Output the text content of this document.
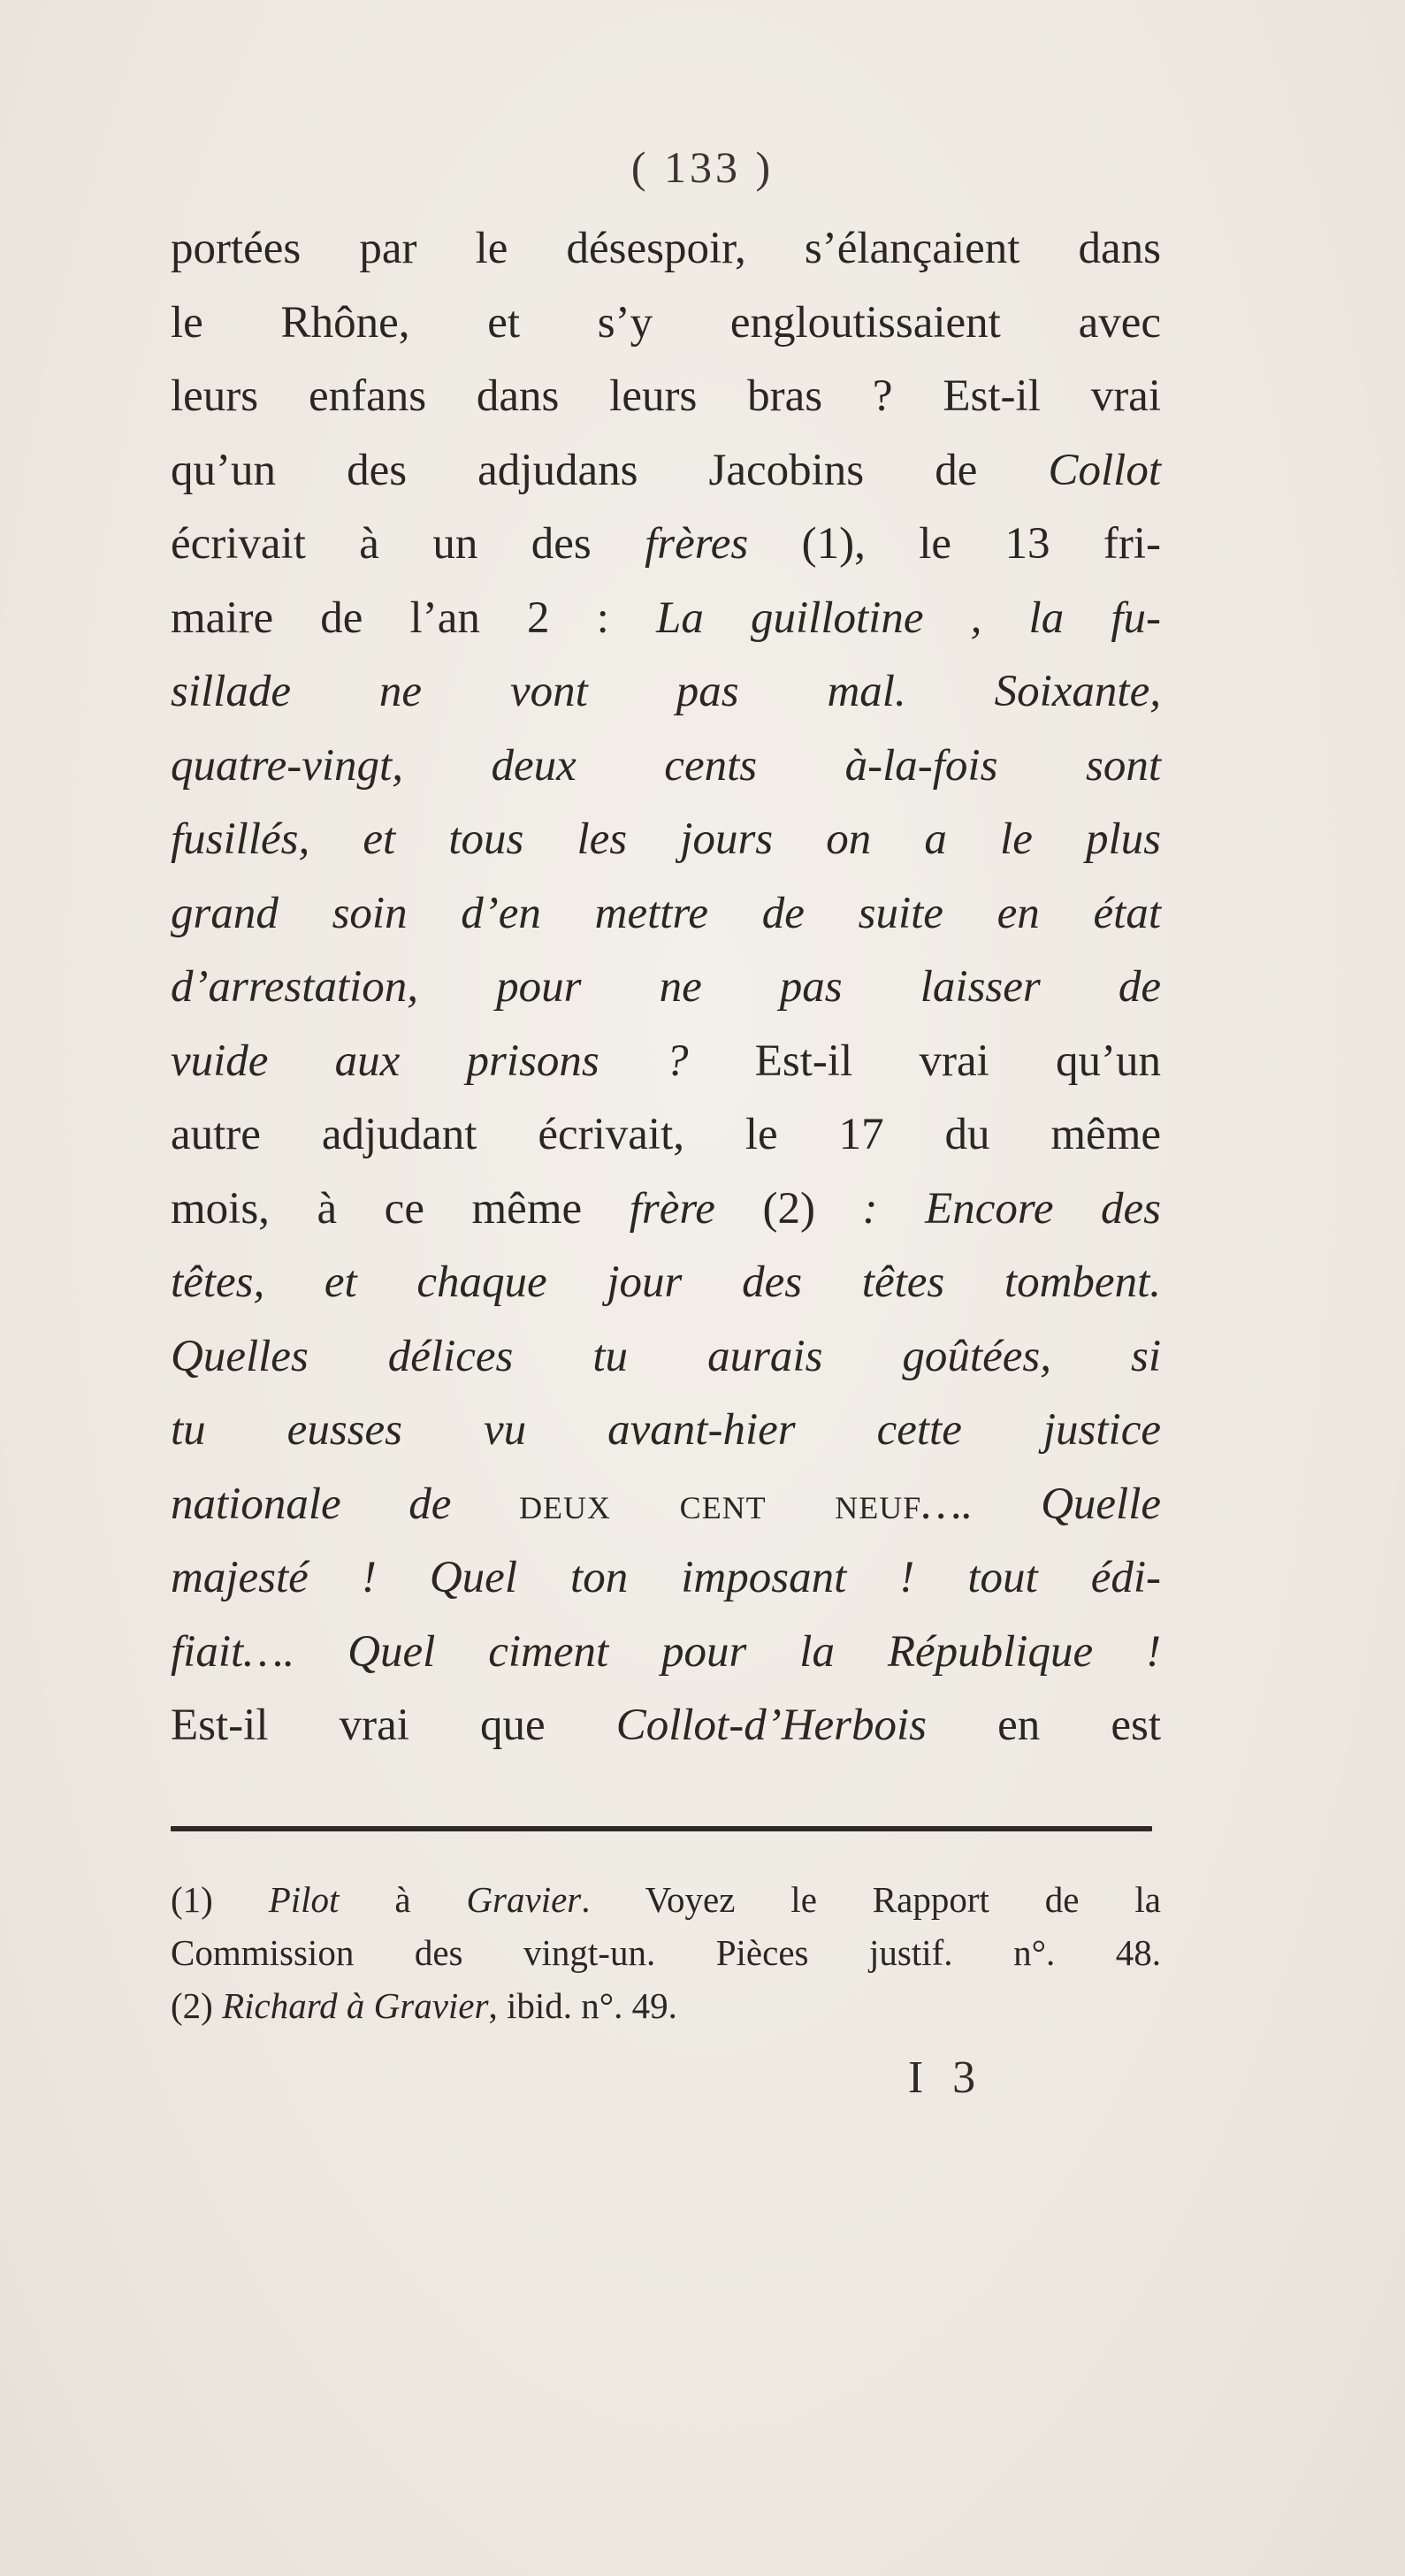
( 133 )
portées par le désespoir, s’élançaient dans
le Rhône, et s’y engloutissaient avec
leurs enfans dans leurs bras ? Est-il vrai
qu’un des adjudans Jacobins de Collot
écrivait à un des frères (1), le 13 fri-
maire de l’an 2 : La guillotine , la fu-
sillade ne vont pas mal. Soixante,
quatre-vingt, deux cents à-la-fois sont
fusillés, et tous les jours on a le plus
grand soin d’en mettre de suite en état
d’arrestation, pour ne pas laisser de
vuide aux prisons ? Est-il vrai qu’un
autre adjudant écrivait, le 17 du même
mois, à ce même frère (2) : Encore des
têtes, et chaque jour des têtes tombent.
Quelles délices tu aurais goûtées, si
tu eusses vu avant-hier cette justice
nationale de deux cent neuf…. Quelle
majesté ! Quel ton imposant ! tout édi-
fiait…. Quel ciment pour la République !
Est-il vrai que Collot-d’Herbois en est
(1) Pilot à Gravier. Voyez le Rapport de la
Commission des vingt-un. Pièces justif. n°. 48.
(2) Richard à Gravier, ibid. n°. 49.
I 3
